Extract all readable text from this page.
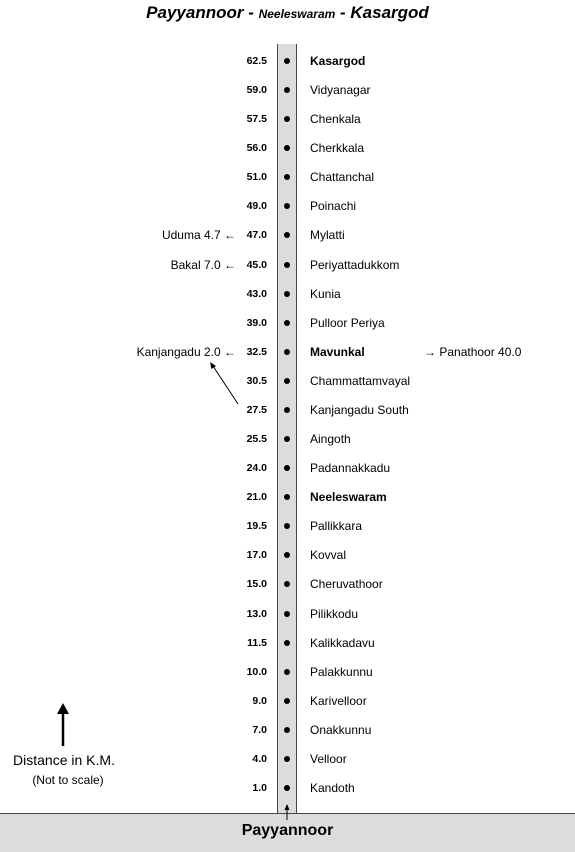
Payyannoor - Neeleswaram - Kasargod
Payyannoor
62.5	Kasargod
59.0	Vidyanagar
57.5	Chenkala
56.0	Cherkkala
51.0	Chattanchal
49.0	Poinachi
47.0	Mylatti
Uduma 4.7 ←
45.0	Periyattadukkom
Bakal 7.0 ←
43.0	Kunia
39.0	Pulloor Periya
32.5	Mavunkal
Kanjangadu 2.0 ←	→ Panathoor 40.0
30.5	Chammattamvayal
27.5	Kanjangadu South
25.5	Aingoth
24.0	Padannakkadu
21.0	Neeleswaram
19.5	Pallikkara
17.0	Kovval
15.0	Cheruvathoor
13.0	Pilikkodu
11.5	Kalikkadavu
10.0	Palakkunnu
9.0	Karivelloor
7.0	Onakkunnu
4.0	Velloor
1.0	Kandoth
Distance in K.M.
(Not to scale)
